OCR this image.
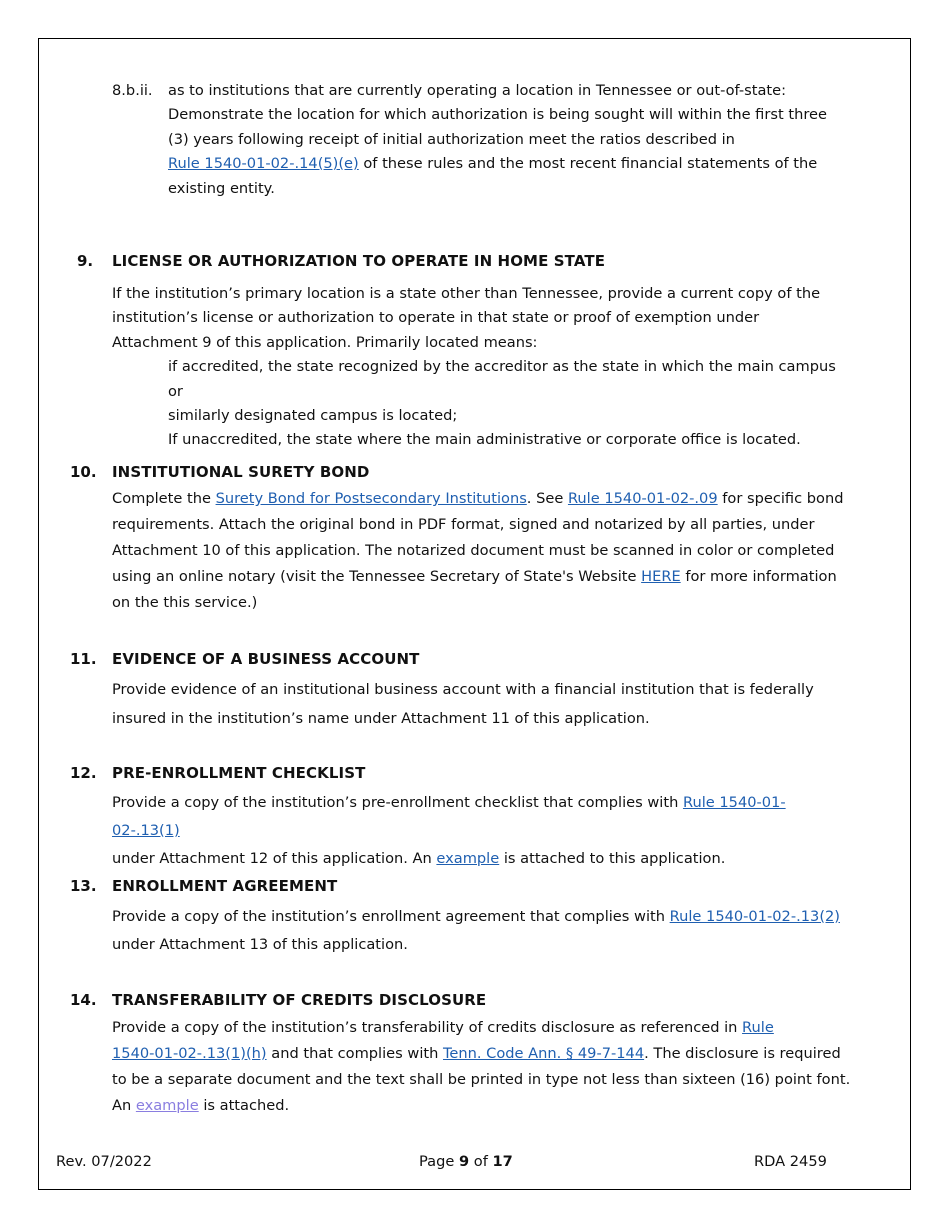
8.b.ii. as to institutions that are currently operating a location in Tennessee or out-of-state:
Demonstrate the location for which authorization is being sought will within the first three
(3) years following receipt of initial authorization meet the ratios described in
Rule 1540-01-02-.14(5)(e) of these rules and the most recent financial statements of the
existing entity.
9. LICENSE OR AUTHORIZATION TO OPERATE IN HOME STATE
If the institution’s primary location is a state other than Tennessee, provide a current copy of the
institution’s license or authorization to operate in that state or proof of exemption under
Attachment 9 of this application. Primarily located means:
if accredited, the state recognized by the accreditor as the state in which the main campus or
similarly designated campus is located;
If unaccredited, the state where the main administrative or corporate office is located.
10. INSTITUTIONAL SURETY BOND
Complete the Surety Bond for Postsecondary Institutions. See Rule 1540-01-02-.09 for specific bond
requirements. Attach the original bond in PDF format, signed and notarized by all parties, under
Attachment 10 of this application. The notarized document must be scanned in color or completed
using an online notary (visit the Tennessee Secretary of State's Website HERE for more information
on the this service.)
11. EVIDENCE OF A BUSINESS ACCOUNT
Provide evidence of an institutional business account with a financial institution that is federally
insured in the institution’s name under Attachment 11 of this application.
12. PRE-ENROLLMENT CHECKLIST
Provide a copy of the institution’s pre-enrollment checklist that complies with Rule 1540-01-02-.13(1)
under Attachment 12 of this application. An example is attached to this application.
13. ENROLLMENT AGREEMENT
Provide a copy of the institution’s enrollment agreement that complies with Rule 1540-01-02-.13(2)
under Attachment 13 of this application.
14. TRANSFERABILITY OF CREDITS DISCLOSURE
Provide a copy of the institution’s transferability of credits disclosure as referenced in Rule
1540-01-02-.13(1)(h) and that complies with Tenn. Code Ann. § 49-7-144. The disclosure is required
to be a separate document and the text shall be printed in type not less than sixteen (16) point font.
An example is attached.
Rev. 07/2022	Page 9 of 17	RDA 2459
